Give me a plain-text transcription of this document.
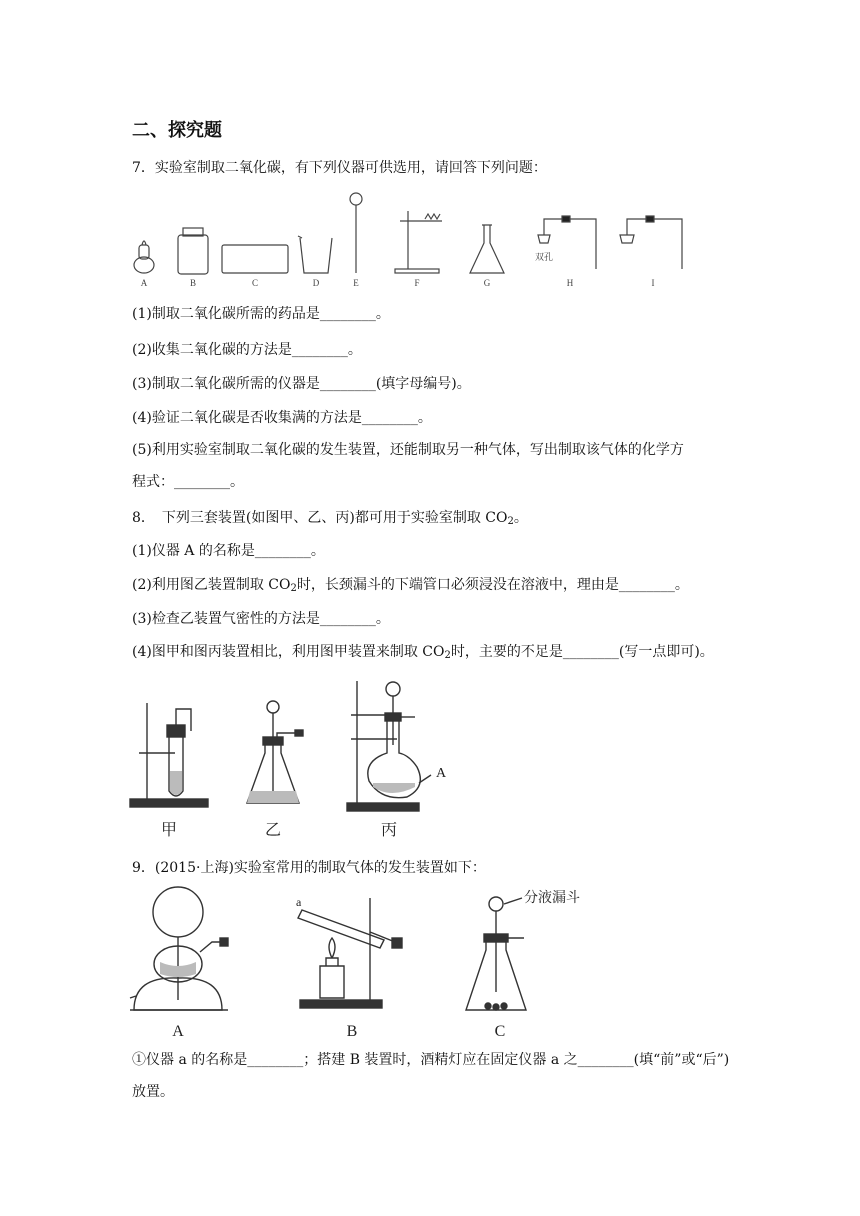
二、探究题
7．实验室制取二氧化碳，有下列仪器可供选用，请回答下列问题：
A	B	C	D	E	F	G	H	I
双孔
(1)制取二氧化碳所需的药品是________。
(2)收集二氧化碳的方法是________。
(3)制取二氧化碳所需的仪器是________(填字母编号)。
(4)验证二氧化碳是否收集满的方法是________。
(5)利用实验室制取二氧化碳的发生装置，还能制取另一种气体，写出制取该气体的化学方
程式：________。
8．　下列三套装置(如图甲、乙、丙)都可用于实验室制取 $CO_2$。
(1)仪器 A 的名称是________。
(2)利用图乙装置制取 $CO_2$时，长颈漏斗的下端管口必须浸没在溶液中，理由是________。
(3)检查乙装置气密性的方法是________。
(4)图甲和图丙装置相比，利用图甲装置来制取 $CO_2$时，主要的不足是________(写一点即可)。
甲	乙	丙
A
9．(2015·上海)实验室常用的制取气体的发生装置如下：
A
a
B
分液漏斗
C
①仪器 a 的名称是________；搭建 B 装置时，酒精灯应在固定仪器 a 之________(填“前”或“后”)
放置。
